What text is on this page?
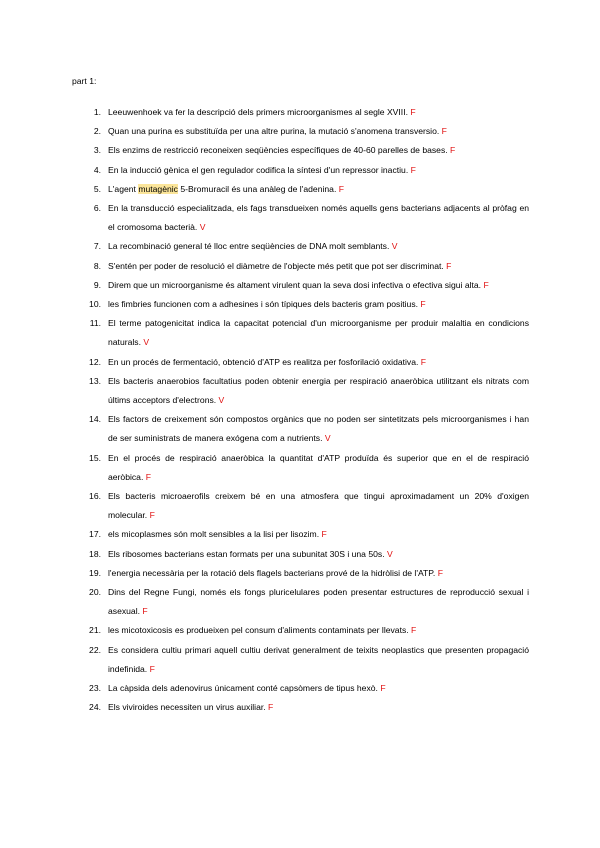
part 1:
1. Leeuwenhoek va fer la descripció dels primers microorganismes al segle XVIII. F
2. Quan una purina es substituïda per una altre purina, la mutació s'anomena transversio. F
3. Els enzims de restricció reconeixen seqüències específiques de 40-60 parelles de bases. F
4. En la inducció gènica el gen regulador codifica la síntesi d'un repressor inactiu. F
5. L'agent mutagènic 5-Bromuracil és una anàleg de l'adenina. F
6. En la transducció especialitzada, els fags transdueixen només aquells gens bacterians adjacents al pròfag en el cromosoma bacterià. V
7. La recombinació general té lloc entre seqüències de DNA molt semblants. V
8. S'entén per poder de resolució el diàmetre de l'objecte més petit que pot ser discriminat. F
9. Direm que un microorganisme és altament virulent quan la seva dosi infectiva o efectiva sigui alta. F
10. les fimbries funcionen com a adhesines i són típiques dels bacteris gram positius. F
11. El terme patogenicitat indica la capacitat potencial d'un microorganisme per produir malaltia en condicions naturals. V
12. En un procés de fermentació, obtenció d'ATP es realitza per fosforilació oxidativa. F
13. Els bacteris anaerobios facultatius poden obtenir energia per respiració anaeròbica utilitzant els nitrats com últims acceptors d'electrons. V
14. Els factors de creixement són compostos orgànics que no poden ser sintetitzats pels microorganismes i han de ser suministrats de manera exógena com a nutrients. V
15. En el procés de respiració anaeròbica la quantitat d'ATP produïda és superior que en el de respiració aeròbica. F
16. Els bacteris microaerofils creixem bé en una atmosfera que tingui aproximadament un 20% d'oxigen molecular. F
17. els micoplasmes són molt sensibles a la lisi per lisozim. F
18. Els ribosomes bacterians estan formats per una subunitat 30S i una 50s. V
19. l'energia necessària per la rotació dels flagels bacterians prové de la hidròlisi de l'ATP. F
20. Dins del Regne Fungi, només els fongs pluricelulares poden presentar estructures de reproducció sexual i asexual. F
21. les micotoxicosis es produeixen pel consum d'aliments contaminats per llevats. F
22. Es considera cultiu primari aquell cultiu derivat generalment de teixits neoplastics que presenten propagació indefinida. F
23. La càpsida dels adenovirus únicament conté capsòmers de tipus hexò. F
24. Els viviroides necessiten un virus auxiliar. F
